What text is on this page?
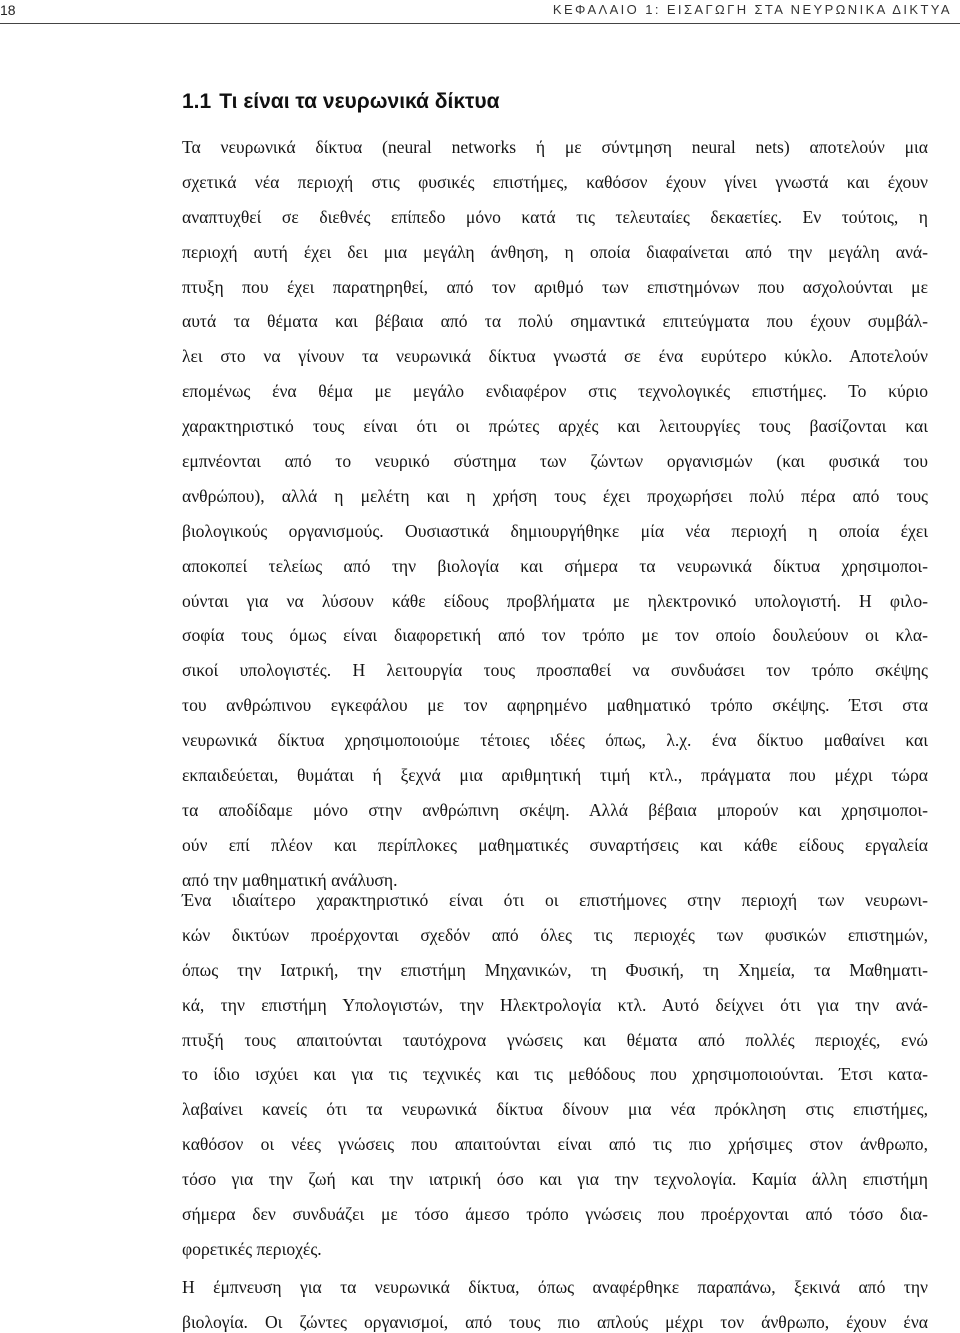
18	ΚΕΦΑΛΑΙΟ 1: ΕΙΣΑΓΩΓΗ ΣΤΑ ΝΕΥΡΩΝΙΚΑ ΔΙΚΤΥΑ
1.1 Τι είναι τα νευρωνικά δίκτυα
Τα νευρωνικά δίκτυα (neural networks ή με σύντμηση neural nets) αποτελούν μια
σχετικά νέα περιοχή στις φυσικές επιστήμες, καθόσον έχουν γίνει γνωστά και έχουν
αναπτυχθεί σε διεθνές επίπεδο μόνο κατά τις τελευταίες δεκαετίες. Εν τούτοις, η
περιοχή αυτή έχει δει μια μεγάλη άνθηση, η οποία διαφαίνεται από την μεγάλη ανά-
πτυξη που έχει παρατηρηθεί, από τον αριθμό των επιστημόνων που ασχολούνται με
αυτά τα θέματα και βέβαια από τα πολύ σημαντικά επιτεύγματα που έχουν συμβάλ-
λει στο να γίνουν τα νευρωνικά δίκτυα γνωστά σε ένα ευρύτερο κύκλο. Αποτελούν
επομένως ένα θέμα με μεγάλο ενδιαφέρον στις τεχνολογικές επιστήμες. Το κύριο
χαρακτηριστικό τους είναι ότι οι πρώτες αρχές και λειτουργίες τους βασίζονται και
εμπνέονται από το νευρικό σύστημα των ζώντων οργανισμών (και φυσικά του
ανθρώπου), αλλά η μελέτη και η χρήση τους έχει προχωρήσει πολύ πέρα από τους
βιολογικούς οργανισμούς. Ουσιαστικά δημιουργήθηκε μία νέα περιοχή η οποία έχει
αποκοπεί τελείως από την βιολογία και σήμερα τα νευρωνικά δίκτυα χρησιμοποι-
ούνται για να λύσουν κάθε είδους προβλήματα με ηλεκτρονικό υπολογιστή. Η φιλο-
σοφία τους όμως είναι διαφορετική από τον τρόπο με τον οποίο δουλεύουν οι κλα-
σικοί υπολογιστές. Η λειτουργία τους προσπαθεί να συνδυάσει τον τρόπο σκέψης
του ανθρώπινου εγκεφάλου με τον αφηρημένο μαθηματικό τρόπο σκέψης. Έτσι στα
νευρωνικά δίκτυα χρησιμοποιούμε τέτοιες ιδέες όπως, λ.χ. ένα δίκτυο μαθαίνει και
εκπαιδεύεται, θυμάται ή ξεχνά μια αριθμητική τιμή κτλ., πράγματα που μέχρι τώρα
τα αποδίδαμε μόνο στην ανθρώπινη σκέψη. Αλλά βέβαια μπορούν και χρησιμοποι-
ούν επί πλέον και περίπλοκες μαθηματικές συναρτήσεις και κάθε είδους εργαλεία
από την μαθηματική ανάλυση.
Ένα ιδιαίτερο χαρακτηριστικό είναι ότι οι επιστήμονες στην περιοχή των νευρωνι-
κών δικτύων προέρχονται σχεδόν από όλες τις περιοχές των φυσικών επιστημών,
όπως την Ιατρική, την επιστήμη Μηχανικών, τη Φυσική, τη Χημεία, τα Μαθηματι-
κά, την επιστήμη Υπολογιστών, την Ηλεκτρολογία κτλ. Αυτό δείχνει ότι για την ανά-
πτυξή τους απαιτούνται ταυτόχρονα γνώσεις και θέματα από πολλές περιοχές, ενώ
το ίδιο ισχύει και για τις τεχνικές και τις μεθόδους που χρησιμοποιούνται. Έτσι κατα-
λαβαίνει κανείς ότι τα νευρωνικά δίκτυα δίνουν μια νέα πρόκληση στις επιστήμες,
καθόσον οι νέες γνώσεις που απαιτούνται είναι από τις πιο χρήσιμες στον άνθρωπο,
τόσο για την ζωή και την ιατρική όσο και για την τεχνολογία. Καμία άλλη επιστήμη
σήμερα δεν συνδυάζει με τόσο άμεσο τρόπο γνώσεις που προέρχονται από τόσο δια-
φορετικές περιοχές.
Η έμπνευση για τα νευρωνικά δίκτυα, όπως αναφέρθηκε παραπάνω, ξεκινά από την
βιολογία. Οι ζώντες οργανισμοί, από τους πιο απλούς μέχρι τον άνθρωπο, έχουν ένα
